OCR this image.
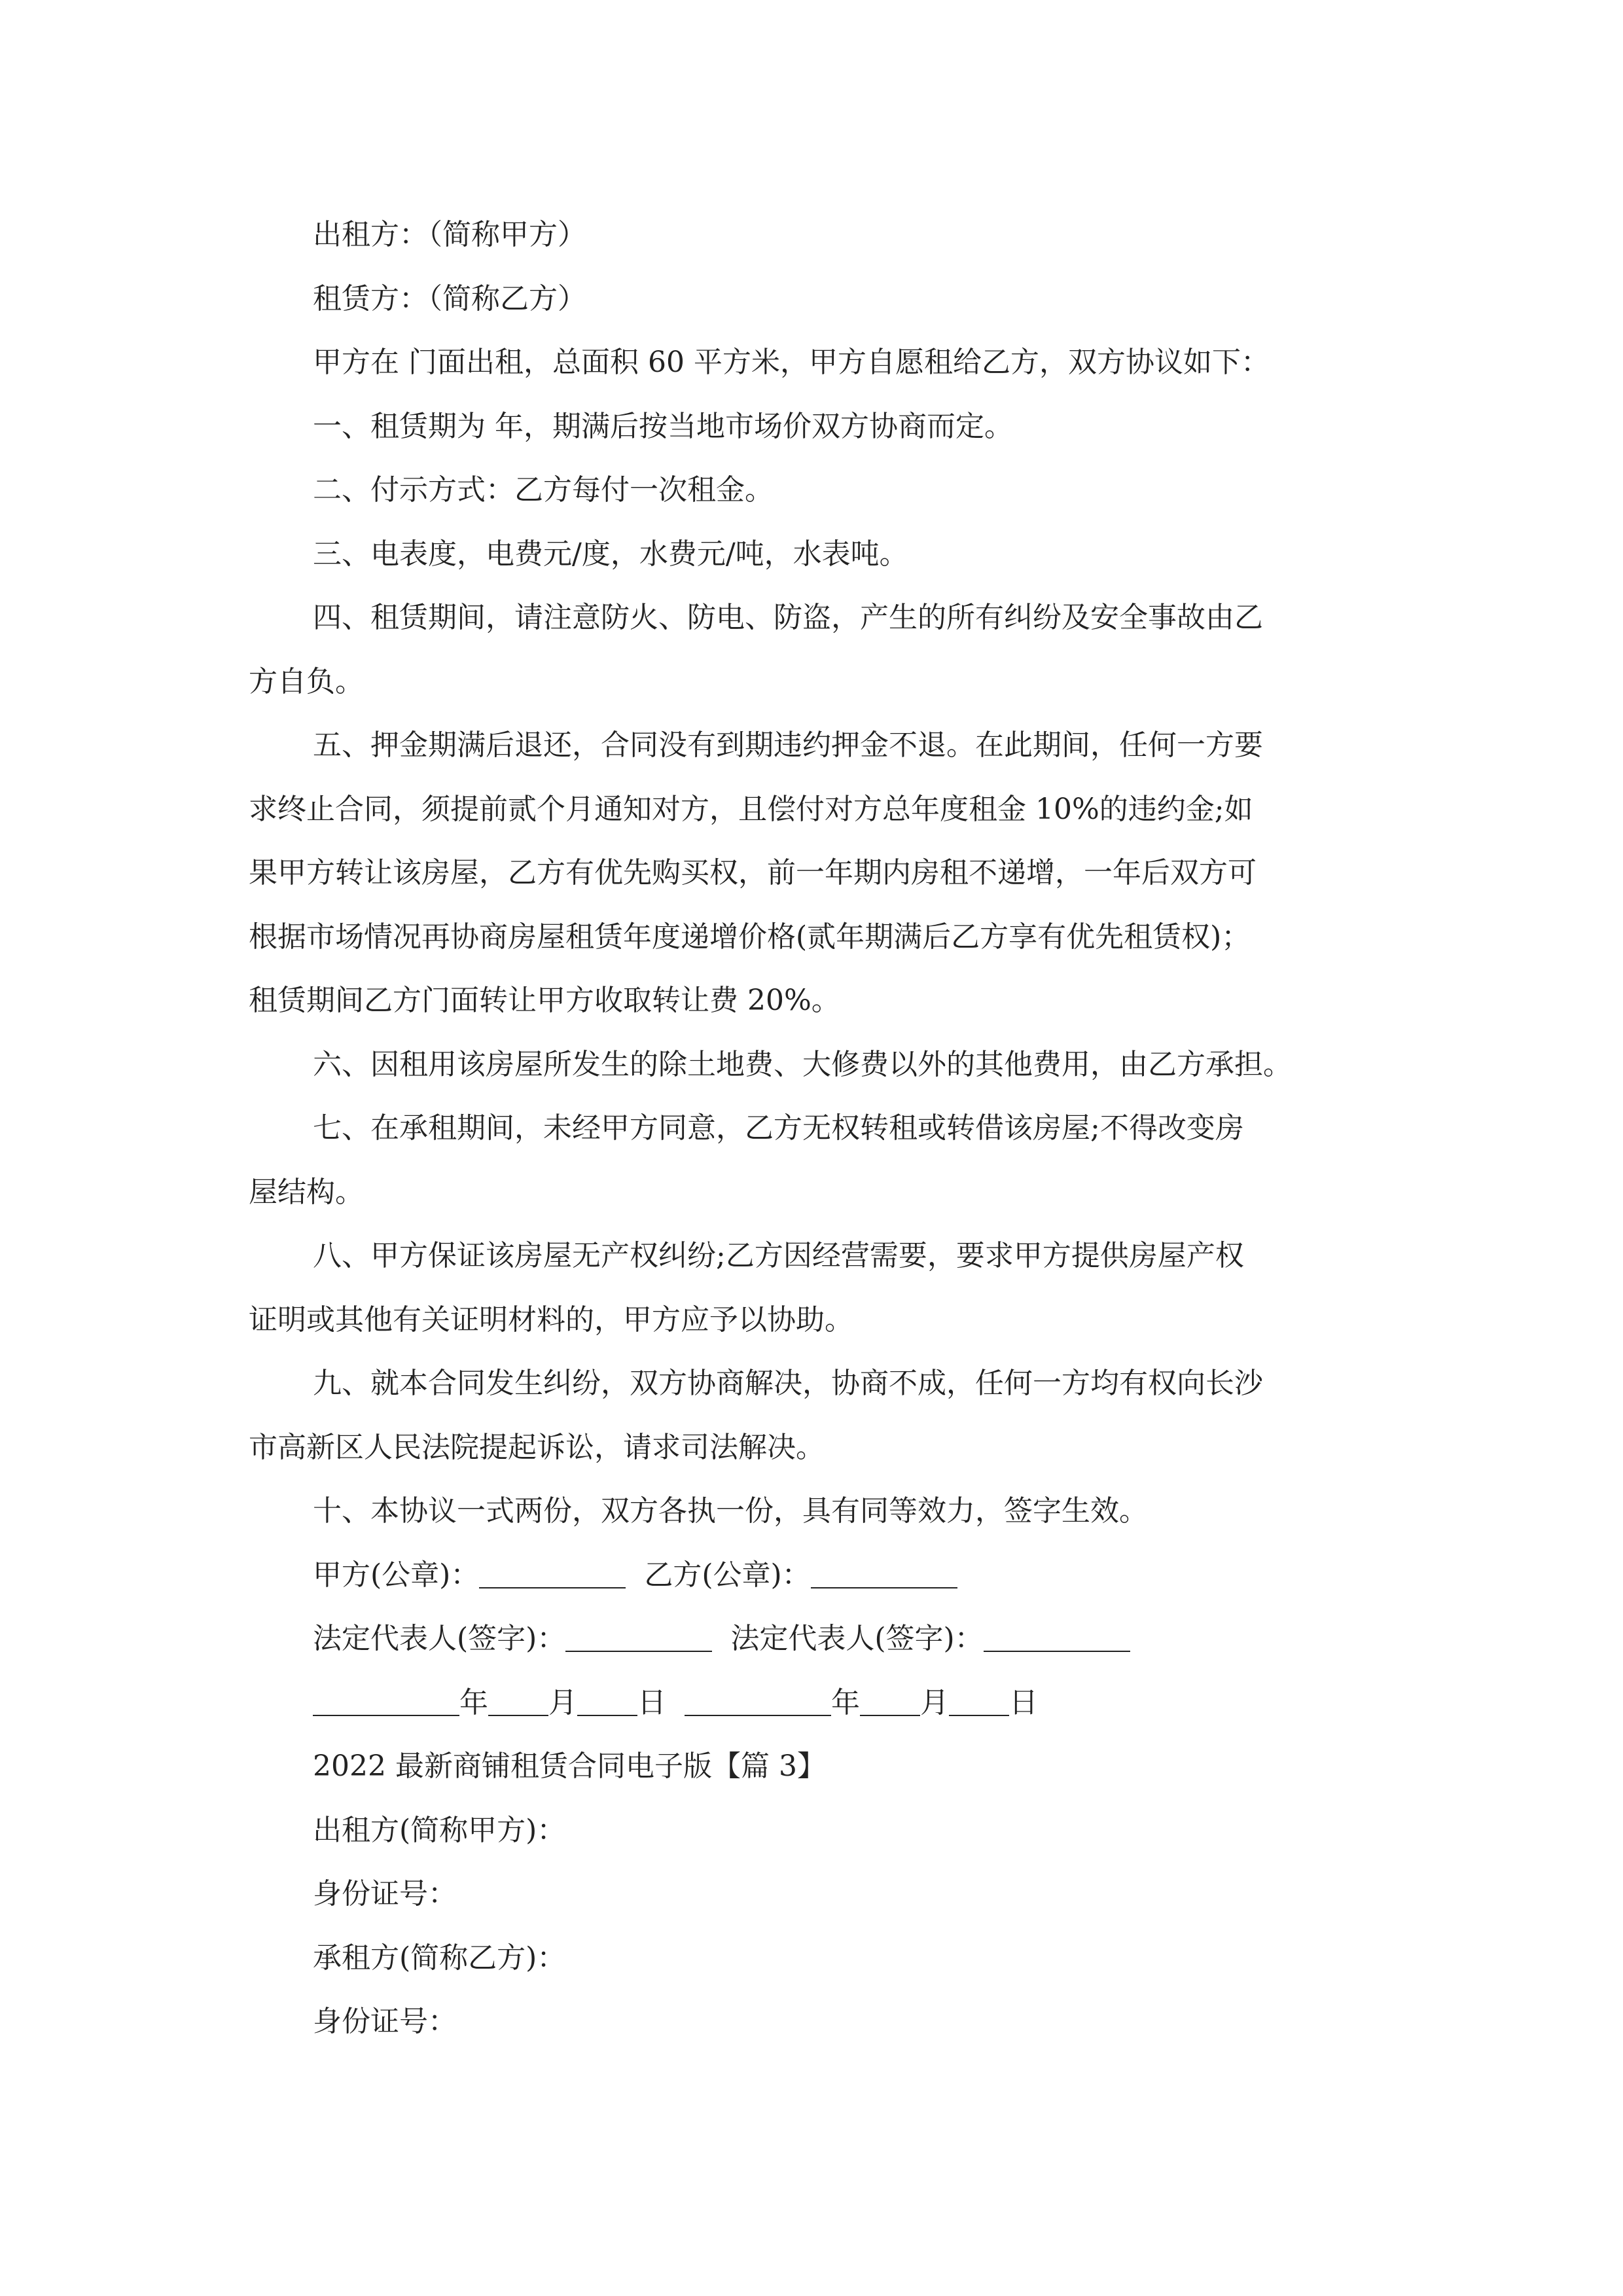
出租方：（简称甲方）
租赁方：（简称乙方）
甲方在 门面出租，总面积 60 平方米，甲方自愿租给乙方，双方协议如下：
一、租赁期为 年，期满后按当地市场价双方协商而定。
二、付示方式：乙方每付一次租金。
三、电表度，电费元/度，水费元/吨，水表吨。
四、租赁期间，请注意防火、防电、防盗，产生的所有纠纷及安全事故由乙
方自负。
五、押金期满后退还，合同没有到期违约押金不退。在此期间，任何一方要
求终止合同，须提前贰个月通知对方，且偿付对方总年度租金 10%的违约金;如
果甲方转让该房屋，乙方有优先购买权，前一年期内房租不递增，一年后双方可
根据市场情况再协商房屋租赁年度递增价格(贰年期满后乙方享有优先租赁权)；
租赁期间乙方门面转让甲方收取转让费 20%。
六、因租用该房屋所发生的除土地费、大修费以外的其他费用，由乙方承担。
七、在承租期间，未经甲方同意，乙方无权转租或转借该房屋;不得改变房
屋结构。
八、甲方保证该房屋无产权纠纷;乙方因经营需要，要求甲方提供房屋产权
证明或其他有关证明材料的，甲方应予以协助。
九、就本合同发生纠纷，双方协商解决，协商不成，任何一方均有权向长沙
市高新区人民法院提起诉讼，请求司法解决。
十、本协议一式两份，双方各执一份，具有同等效力，签字生效。
甲方(公章)：	乙方(公章)：
法定代表人(签字)：	法定代表人(签字)：
年 月 日	年 月 日
2022 最新商铺租赁合同电子版【篇 3】
出租方(简称甲方)：
身份证号：
承租方(简称乙方)：
身份证号：
